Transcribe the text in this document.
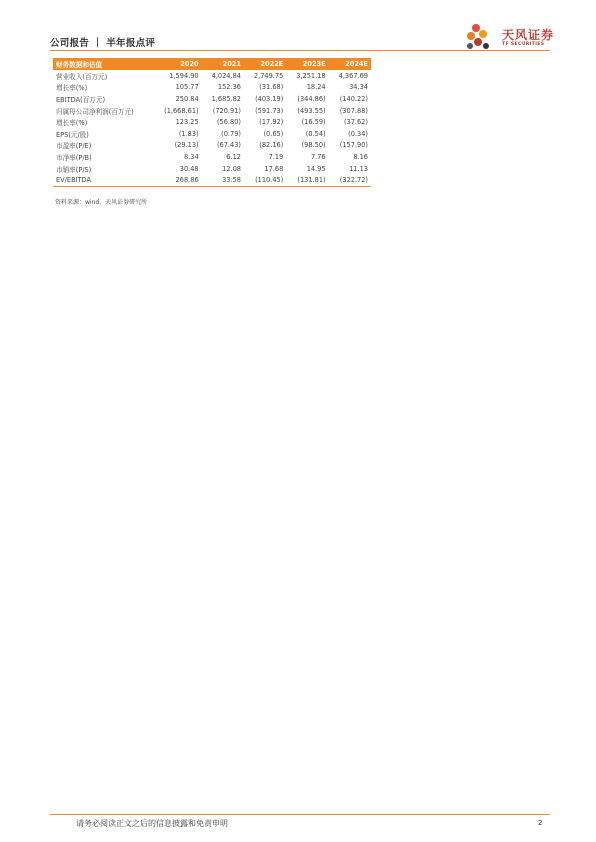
公司报告 ｜ 半年报点评
天风证券
TF SECURITIES
财务数据和估值	2020	2021	2022E	2023E	2024E
营业收入(百万元)	1,594.90	4,024.84	2,749.75	3,251.18	4,367.69
增长率(%)	105.77	152.36	(31.68)	18.24	34.34
EBITDA(百万元)	250.84	1,685.82	(403.19)	(344.86)	(140.22)
归属母公司净利润(百万元)	(1,668.61)	(720.91)	(591.73)	(493.55)	(307.88)
增长率(%)	123.25	(56.80)	(17.92)	(16.59)	(37.62)
EPS(元/股)	(1.83)	(0.79)	(0.65)	(0.54)	(0.34)
市盈率(P/E)	(29.13)	(67.43)	(82.16)	(98.50)	(157.90)
市净率(P/B)	8.34	6.12	7.19	7.76	8.16
市销率(P/S)	30.48	12.08	17.68	14.95	11.13
EV/EBITDA	268.86	33.58	(110.45)	(131.81)	(322.72)
资料来源：wind，天风证券研究所
请务必阅读正文之后的信息披露和免责申明	2
